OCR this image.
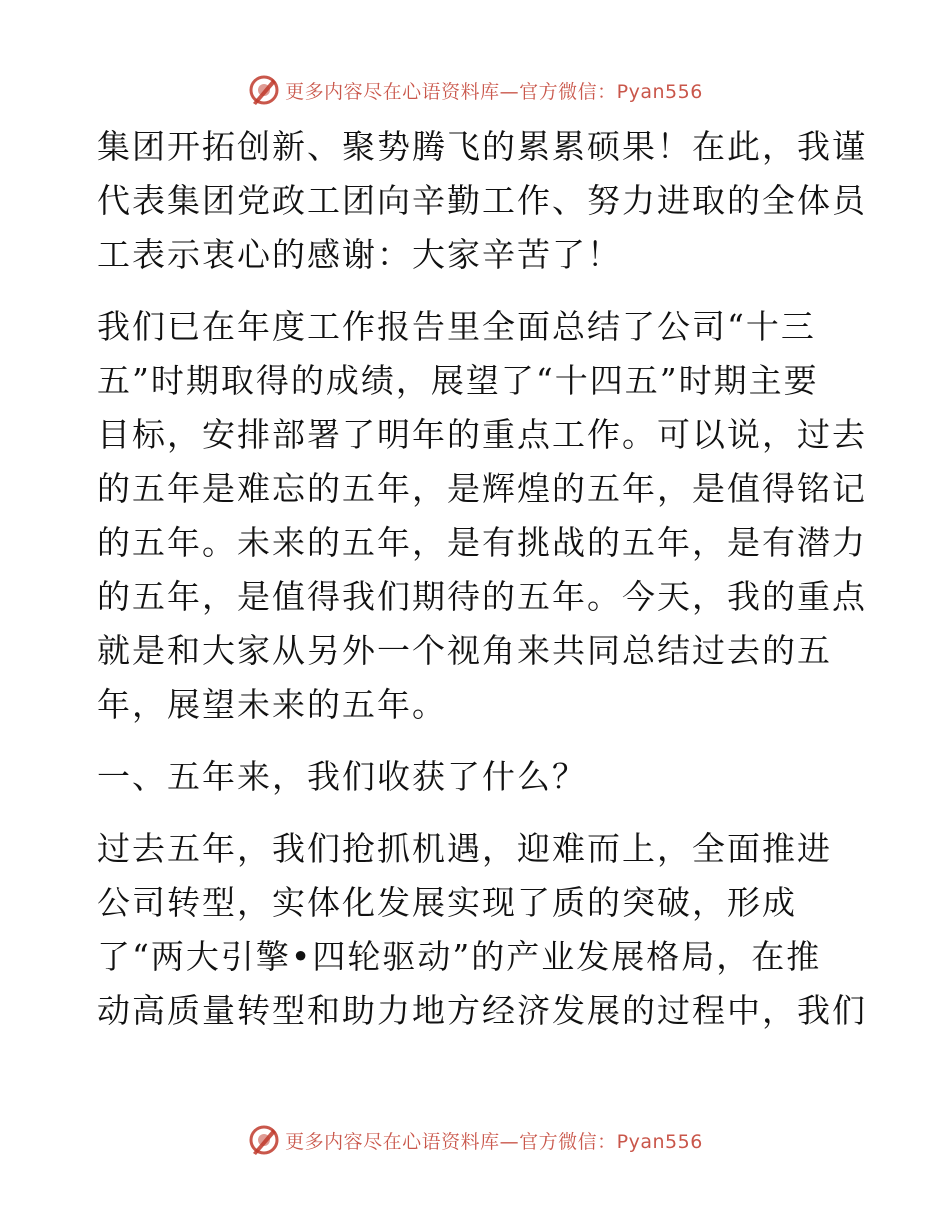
更多内容尽在心语资料库—官方微信：Pyan556

集团开拓创新、聚势腾飞的累累硕果！在此，我谨
代表集团党政工团向辛勤工作、努力进取的全体员
工表示衷心的感谢：大家辛苦了！

我们已在年度工作报告里全面总结了公司“十三
五”时期取得的成绩，展望了“十四五”时期主要
目标，安排部署了明年的重点工作。可以说，过去
的五年是难忘的五年，是辉煌的五年，是值得铭记
的五年。未来的五年，是有挑战的五年，是有潜力
的五年，是值得我们期待的五年。今天，我的重点
就是和大家从另外一个视角来共同总结过去的五
年，展望未来的五年。

一、五年来，我们收获了什么？

过去五年，我们抢抓机遇，迎难而上，全面推进
公司转型，实体化发展实现了质的突破，形成
了“两大引擎•四轮驱动”的产业发展格局，在推
动高质量转型和助力地方经济发展的过程中，我们

更多内容尽在心语资料库—官方微信：Pyan556
